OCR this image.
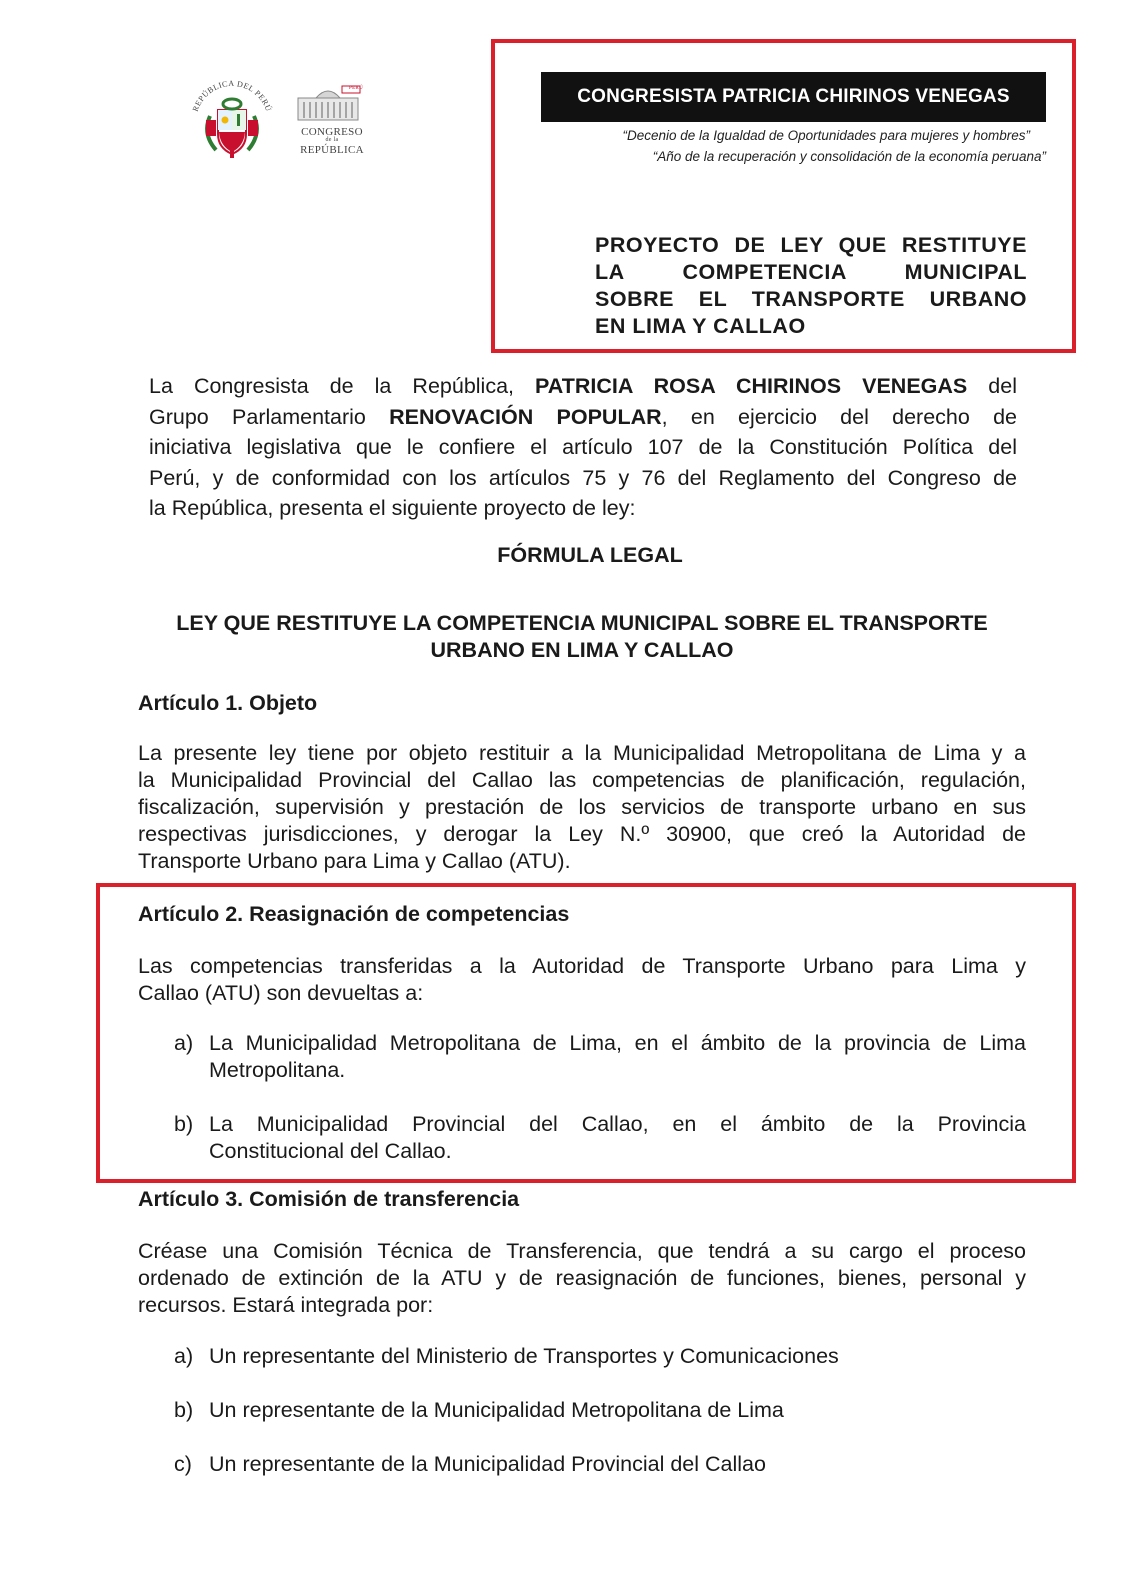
REPÚBLICA DEL PERÚ
PERÚ
CONGRESO
de la
REPÚBLICA
CONGRESISTA PATRICIA CHIRINOS VENEGAS
“Decenio de la Igualdad de Oportunidades para mujeres y hombres”
“Año de la recuperación y consolidación de la economía peruana”
PROYECTO DE LEY QUE RESTITUYE
LA COMPETENCIA MUNICIPAL
SOBRE EL TRANSPORTE URBANO
EN LIMA Y CALLAO
La Congresista de la República, PATRICIA ROSA CHIRINOS VENEGAS del
Grupo Parlamentario RENOVACIÓN POPULAR, en ejercicio del derecho de
iniciativa legislativa que le confiere el artículo 107 de la Constitución Política del
Perú, y de conformidad con los artículos 75 y 76 del Reglamento del Congreso de
la República, presenta el siguiente proyecto de ley:
FÓRMULA LEGAL
LEY QUE RESTITUYE LA COMPETENCIA MUNICIPAL SOBRE EL TRANSPORTE
URBANO EN LIMA Y CALLAO
Artículo 1. Objeto
La presente ley tiene por objeto restituir a la Municipalidad Metropolitana de Lima y a
la Municipalidad Provincial del Callao las competencias de planificación, regulación,
fiscalización, supervisión y prestación de los servicios de transporte urbano en sus
respectivas jurisdicciones, y derogar la Ley N.º 30900, que creó la Autoridad de
Transporte Urbano para Lima y Callao (ATU).
Artículo 2. Reasignación de competencias
Las competencias transferidas a la Autoridad de Transporte Urbano para Lima y
Callao (ATU) son devueltas a:
a) La Municipalidad Metropolitana de Lima, en el ámbito de la provincia de Lima
Metropolitana.
b) La Municipalidad Provincial del Callao, en el ámbito de la Provincia
Constitucional del Callao.
Artículo 3. Comisión de transferencia
Créase una Comisión Técnica de Transferencia, que tendrá a su cargo el proceso
ordenado de extinción de la ATU y de reasignación de funciones, bienes, personal y
recursos. Estará integrada por:
a) Un representante del Ministerio de Transportes y Comunicaciones
b) Un representante de la Municipalidad Metropolitana de Lima
c) Un representante de la Municipalidad Provincial del Callao
